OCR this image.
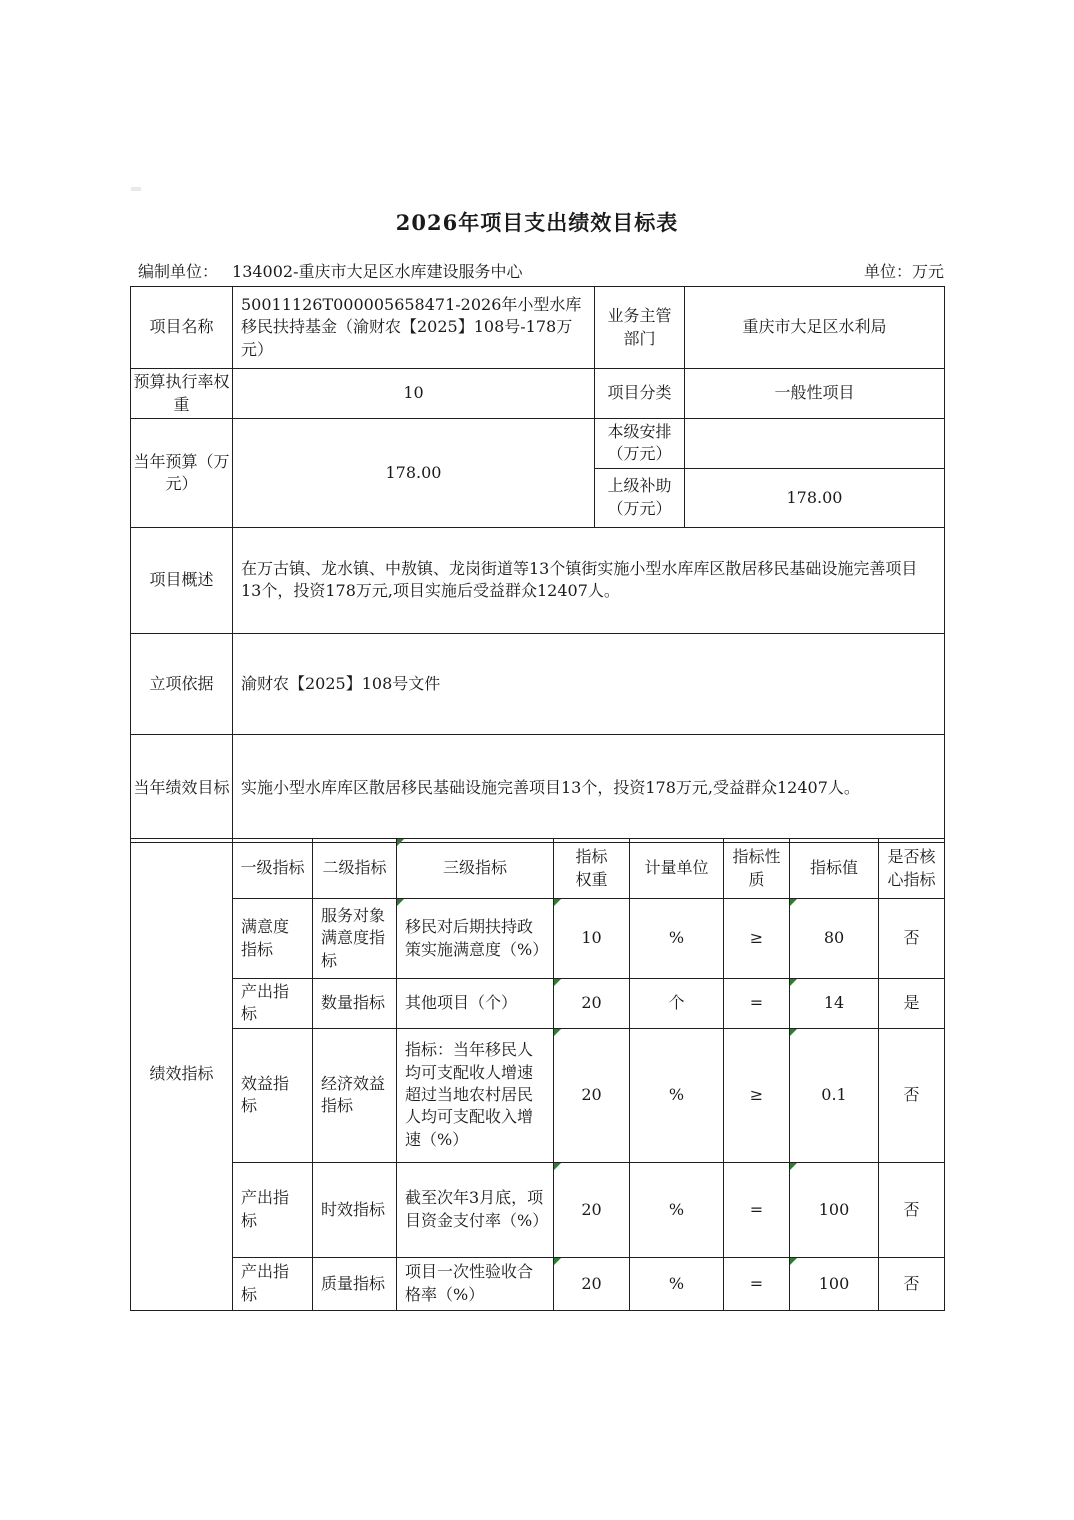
2026年项目支出绩效目标表
编制单位： 134002-重庆市大足区水库建设服务中心	单位：万元
项目名称	50011126T000005658471-2026年小型水库移民扶持基金（渝财农【2025】108号-178万元）	业务主管部门	重庆市大足区水利局
预算执行率权重	10	项目分类	一般性项目
当年预算（万元）	178.00	本级安排（万元）	
		上级补助（万元）	178.00
项目概述	在万古镇、龙水镇、中敖镇、龙岗街道等13个镇街实施小型水库库区散居移民基础设施完善项目13个，投资178万元,项目实施后受益群众12407人。		
立项依据	渝财农【2025】108号文件		
当年绩效目标	实施小型水库库区散居移民基础设施完善项目13个，投资178万元,受益群众12407人。		
绩效指标	一级指标	二级指标	三级指标	指标权重	计量单位	指标性质	指标值	是否核心指标
	满意度指标	服务对象满意度指标	移民对后期扶持政策实施满意度（%）	10	%	≥	80	否
	产出指标	数量指标	其他项目（个）	20	个	=	14	是
	效益指标	经济效益指标	指标：当年移民人均可支配收人增速超过当地农村居民人均可支配收入增速（%）	20	%	≥	0.1	否
	产出指标	时效指标	截至次年3月底，项目资金支付率（%）	20	%	=	100	否
	产出指标	质量指标	项目一次性验收合格率（%）	20	%	=	100	否
